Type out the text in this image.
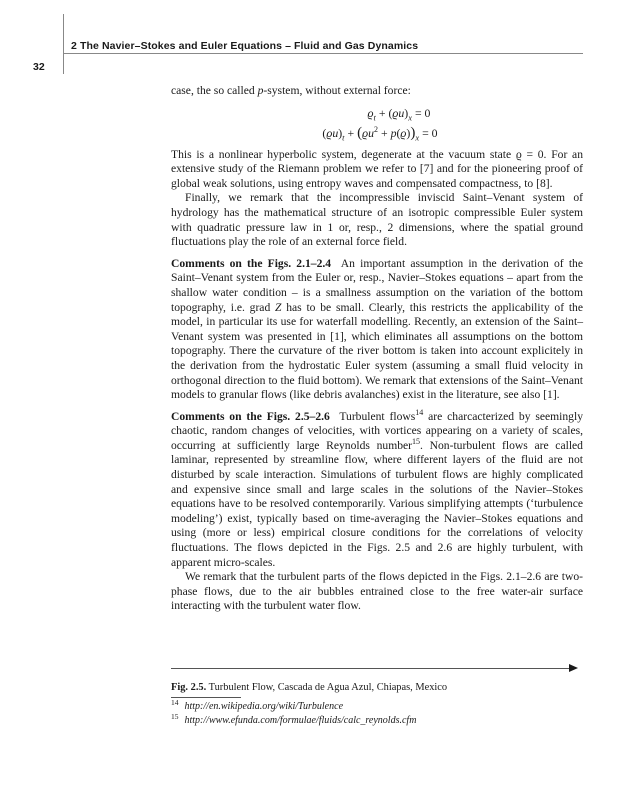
2 The Navier–Stokes and Euler Equations – Fluid and Gas Dynamics
32

case, the so called p-system, without external force:

$ϱ_t + (ϱu)_x = 0$
$(ϱu)_t + (ϱu^2 + p(ϱ))_x = 0$

This is a nonlinear hyperbolic system, degenerate at the vacuum state ϱ = 0. For an extensive study of the Riemann problem we refer to [7] and for the pioneering proof of global weak solutions, using entropy waves and compensated compactness, to [8].

Finally, we remark that the incompressible inviscid Saint–Venant system of hydrology has the mathematical structure of an isotropic compressible Euler system with quadratic pressure law in 1 or, resp., 2 dimensions, where the spatial ground fluctuations play the role of an external force field.

Comments on the Figs. 2.1–2.4 An important assumption in the derivation of the Saint–Venant system from the Euler or, resp., Navier–Stokes equations – apart from the shallow water condition – is a smallness assumption on the variation of the bottom topography, i.e. grad Z has to be small. Clearly, this restricts the applicability of the model, in particular its use for waterfall modelling. Recently, an extension of the Saint–Venant system was presented in [1], which eliminates all assumptions on the bottom topography. There the curvature of the river bottom is taken into account explicitely in the derivation from the hydrostatic Euler system (assuming a small fluid velocity in orthogonal direction to the fluid bottom). We remark that extensions of the Saint–Venant models to granular flows (like debris avalanches) exist in the literature, see also [1].

Comments on the Figs. 2.5–2.6 Turbulent flows$^{14}$ are charcacterized by seemingly chaotic, random changes of velocities, with vortices appearing on a variety of scales, occurring at sufficiently large Reynolds number$^{15}$. Non-turbulent flows are called laminar, represented by streamline flow, where different layers of the fluid are not disturbed by scale interaction. Simulations of turbulent flows are highly complicated and expensive since small and large scales in the solutions of the Navier–Stokes equations have to be resolved contemporarily. Various simplifying attempts (‘turbulence modeling’) exist, typically based on time-averaging the Navier–Stokes equations and using (more or less) empirical closure conditions for the correlations of velocity fluctuations. The flows depicted in the Figs. 2.5 and 2.6 are highly turbulent, with apparent micro-scales.

We remark that the turbulent parts of the flows depicted in the Figs. 2.1–2.6 are two-phase flows, due to the air bubbles entrained close to the free water-air surface interacting with the turbulent water flow.

Fig. 2.5. Turbulent Flow, Cascada de Agua Azul, Chiapas, Mexico
$^{14}$ http://en.wikipedia.org/wiki/Turbulence
$^{15}$ http://www.efunda.com/formulae/fluids/calc_reynolds.cfm
